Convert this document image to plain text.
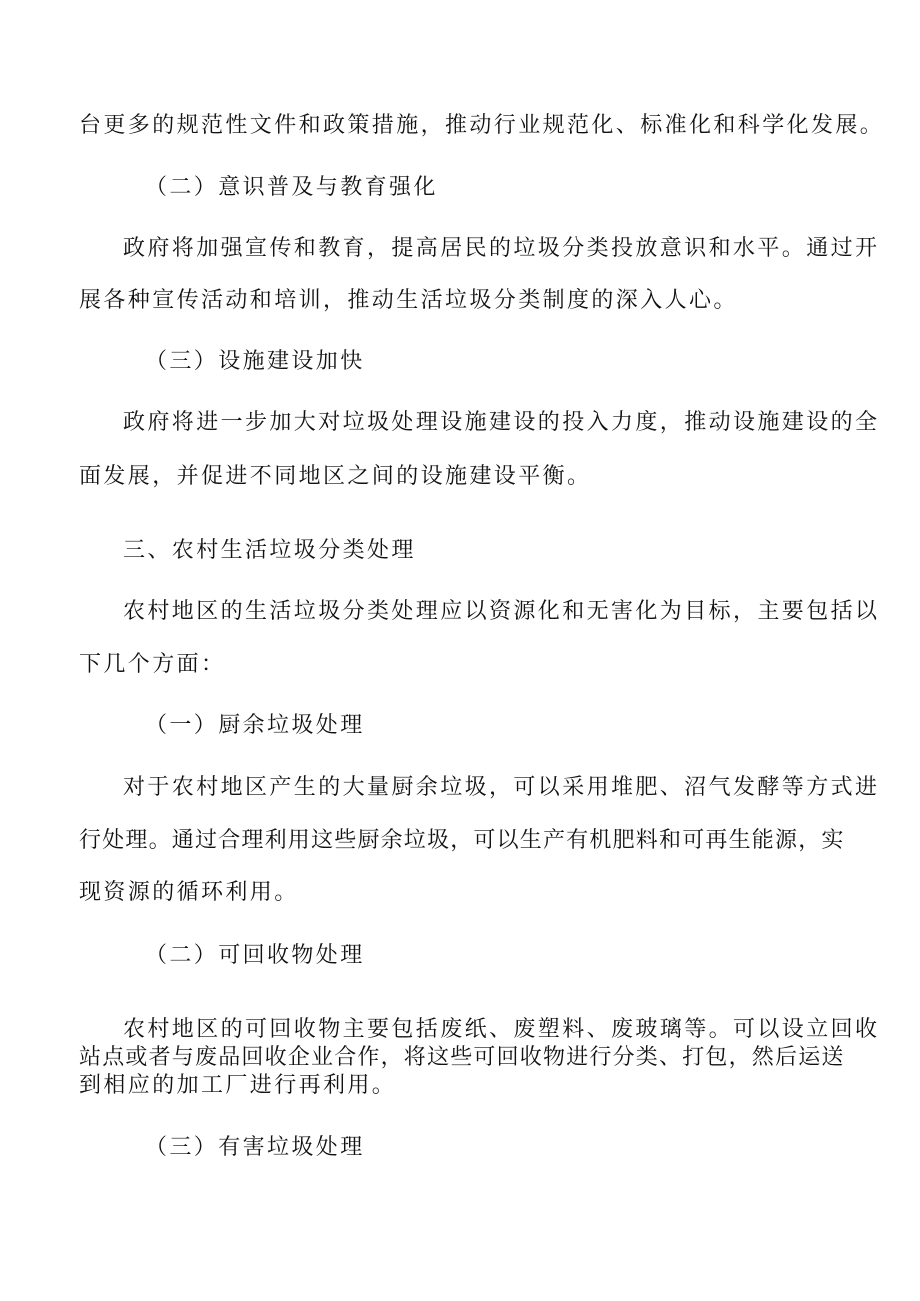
台更多的规范性文件和政策措施，推动行业规范化、标准化和科学化发展。
（二）意识普及与教育强化
政府将加强宣传和教育，提高居民的垃圾分类投放意识和水平。通过开
展各种宣传活动和培训，推动生活垃圾分类制度的深入人心。
（三）设施建设加快
政府将进一步加大对垃圾处理设施建设的投入力度，推动设施建设的全
面发展，并促进不同地区之间的设施建设平衡。
三、农村生活垃圾分类处理
农村地区的生活垃圾分类处理应以资源化和无害化为目标，主要包括以
下几个方面：
（一）厨余垃圾处理
对于农村地区产生的大量厨余垃圾，可以采用堆肥、沼气发酵等方式进
行处理。通过合理利用这些厨余垃圾，可以生产有机肥料和可再生能源，实
现资源的循环利用。
（二）可回收物处理
农村地区的可回收物主要包括废纸、废塑料、废玻璃等。可以设立回收
站点或者与废品回收企业合作，将这些可回收物进行分类、打包，然后运送
到相应的加工厂进行再利用。
（三）有害垃圾处理
